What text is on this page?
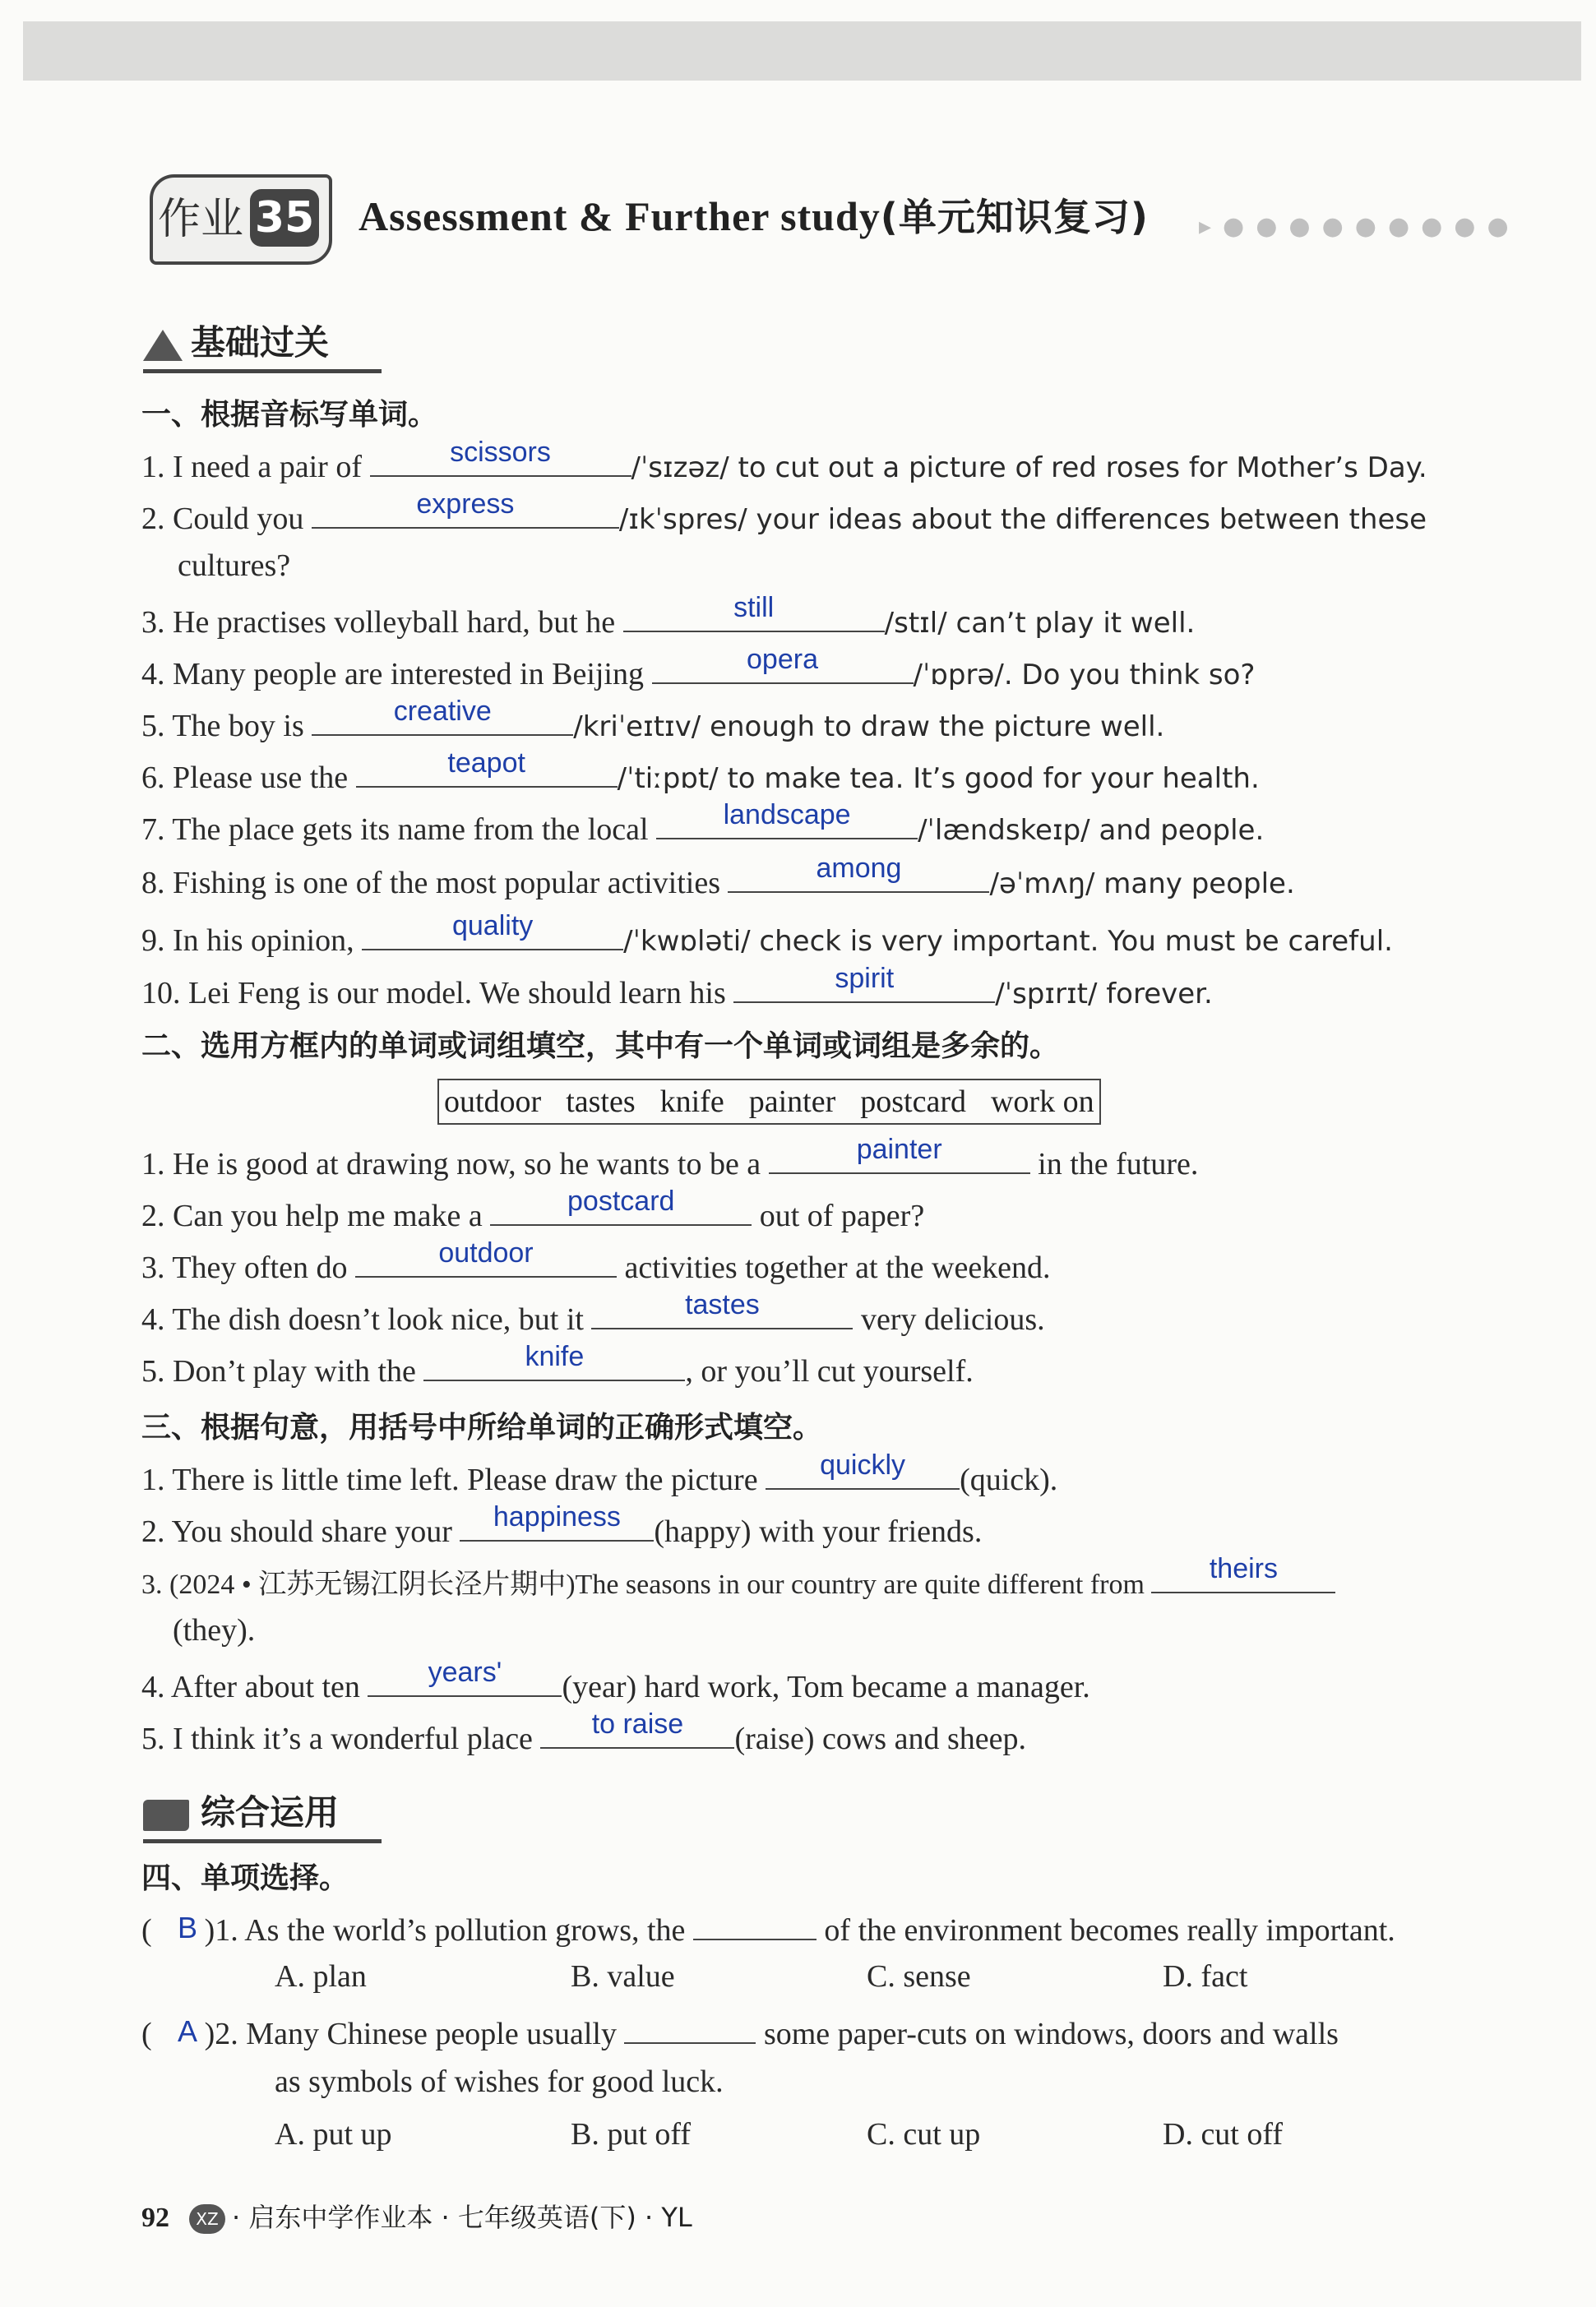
作业 35 Assessment & Further study(单元知识复习) ▸●●●●●●●●●
基础过关
一、根据音标写单词。
1. I need a pair of	scissors	/ˈsɪzəz/ to cut out a picture of red roses for Mother’s Day.
2. Could you	express	/ɪkˈspres/ your ideas about the differences between these
cultures?
3. He practises volleyball hard, but he	still	/stɪl/ can’t play it well.
4. Many people are interested in Beijing	opera	/ˈɒprə/. Do you think so?
5. The boy is	creative	/kriˈeɪtɪv/ enough to draw the picture well.
6. Please use the	teapot	/ˈtiːpɒt/ to make tea. It’s good for your health.
7. The place gets its name from the local	landscape	/ˈlændskeɪp/ and people.
8. Fishing is one of the most popular activities	among	/əˈmʌŋ/ many people.
9. In his opinion,	quality	/ˈkwɒləti/ check is very important. You must be careful.
10. Lei Feng is our model. We should learn his	spirit	/ˈspɪrɪt/ forever.
二、选用方框内的单词或词组填空，其中有一个单词或词组是多余的。
outdoor tastes knife painter postcard work on
1. He is good at drawing now, so he wants to be a	painter	in the future.
2. Can you help me make a	postcard	out of paper?
3. They often do	outdoor	activities together at the weekend.
4. The dish doesn’t look nice, but it	tastes	very delicious.
5. Don’t play with the	knife	, or you’ll cut yourself.
三、根据句意，用括号中所给单词的正确形式填空。
1. There is little time left. Please draw the picture	quickly	(quick).
2. You should share your	happiness	(happy) with your friends.
3. (2024 • 江苏无锡江阴长泾片期中)The seasons in our country are quite different from
theirs
(they).
4. After about ten	years'	(year) hard work, Tom became a manager.
5. I think it’s a wonderful place	to raise	(raise) cows and sheep.
综合运用
四、单项选择。
( )1. As the world’s pollution grows, the	of the environment becomes really important.
B
A. plan	B. value	C. sense	D. fact
( )2. Many Chinese people usually	some paper-cuts on windows, doors and walls
A
as symbols of wishes for good luck.
A. put up	B. put off	C. cut up	D. cut off
92 XZ · 启东中学作业本 · 七年级英语(下) · YL
